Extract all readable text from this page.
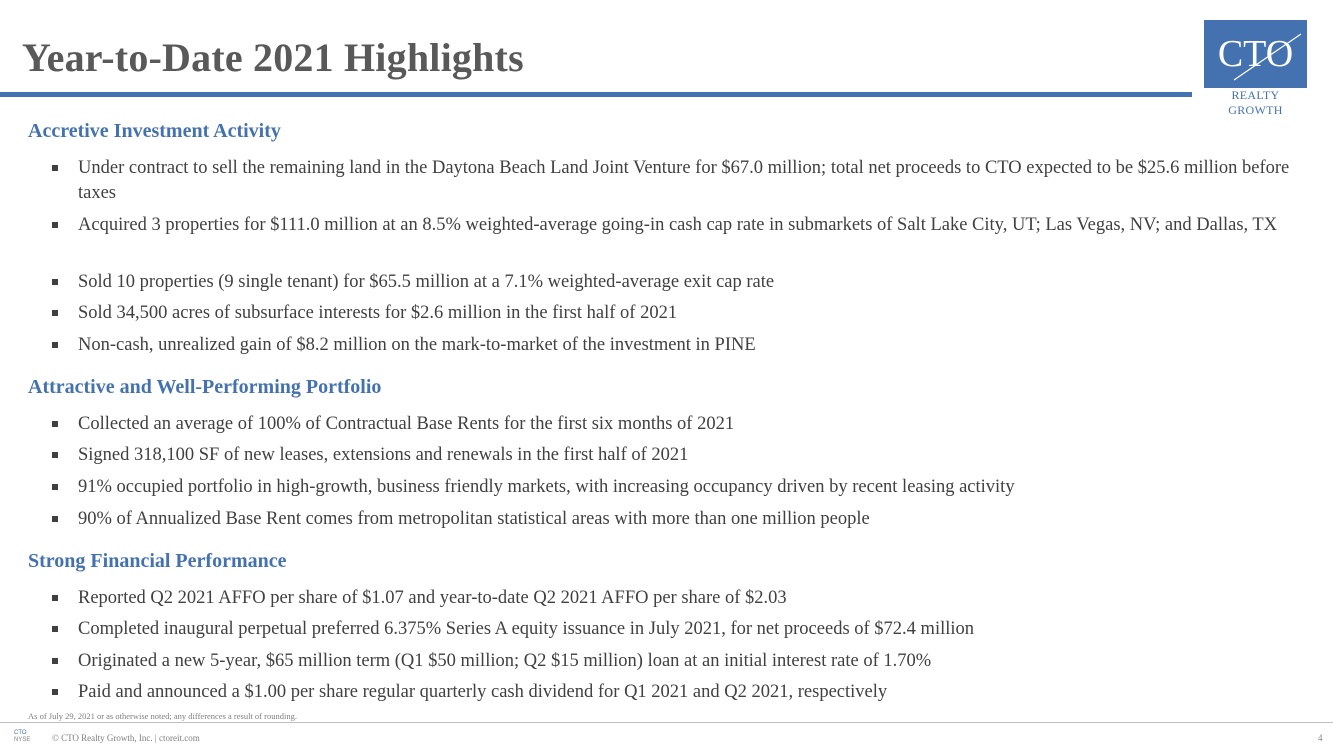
Year-to-Date 2021 Highlights	CTO
REALTY GROWTH
Accretive Investment Activity
Under contract to sell the remaining land in the Daytona Beach Land Joint Venture for $67.0 million; total net proceeds to CTO expected to be $25.6 million before taxes
Acquired 3 properties for $111.0 million at an 8.5% weighted-average going-in cash cap rate in submarkets of Salt Lake City, UT; Las Vegas, NV; and Dallas, TX
Sold 10 properties (9 single tenant) for $65.5 million at a 7.1% weighted-average exit cap rate
Sold 34,500 acres of subsurface interests for $2.6 million in the first half of 2021
Non-cash, unrealized gain of $8.2 million on the mark-to-market of the investment in PINE
Attractive and Well-Performing Portfolio
Collected an average of 100% of Contractual Base Rents for the first six months of 2021
Signed 318,100 SF of new leases, extensions and renewals in the first half of 2021
91% occupied portfolio in high-growth, business friendly markets, with increasing occupancy driven by recent leasing activity
90% of Annualized Base Rent comes from metropolitan statistical areas with more than one million people
Strong Financial Performance
Reported Q2 2021 AFFO per share of $1.07 and year-to-date Q2 2021 AFFO per share of $2.03
Completed inaugural perpetual preferred 6.375% Series A equity issuance in July 2021, for net proceeds of $72.4 million
Originated a new 5-year, $65 million term (Q1 $50 million; Q2 $15 million) loan at an initial interest rate of 1.70%
Paid and announced a $1.00 per share regular quarterly cash dividend for Q1 2021 and Q2 2021, respectively
As of July 29, 2021 or as otherwise noted; any differences a result of rounding.
CTO
NYSE	© CTO Realty Growth, Inc. | ctoreit.com	4
